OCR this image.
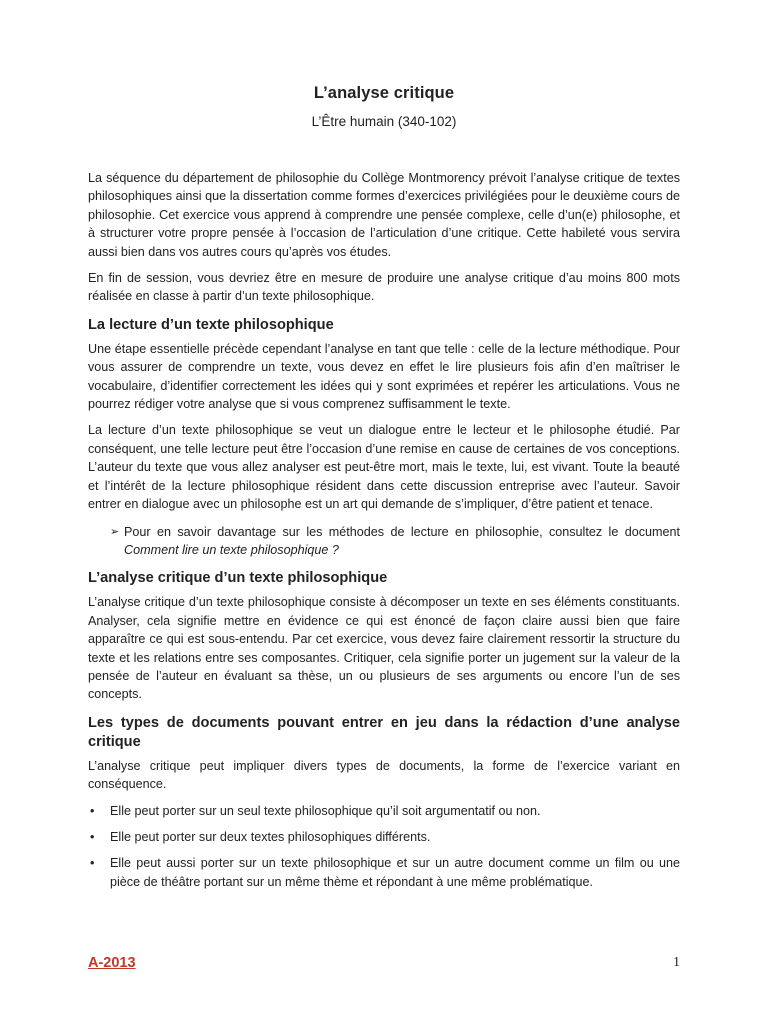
L’analyse critique
L’Être humain (340-102)

La séquence du département de philosophie du Collège Montmorency prévoit l’analyse critique de textes philosophiques ainsi que la dissertation comme formes d’exercices privilégiées pour le deuxième cours de philosophie. Cet exercice vous apprend à comprendre une pensée complexe, celle d’un(e) philosophe, et à structurer votre propre pensée à l’occasion de l’articulation d’une critique. Cette habileté vous servira aussi bien dans vos autres cours qu’après vos études.

En fin de session, vous devriez être en mesure de produire une analyse critique d’au moins 800 mots réalisée en classe à partir d’un texte philosophique.

La lecture d’un texte philosophique

Une étape essentielle précède cependant l’analyse en tant que telle : celle de la lecture méthodique. Pour vous assurer de comprendre un texte, vous devez en effet le lire plusieurs fois afin d’en maîtriser le vocabulaire, d’identifier correctement les idées qui y sont exprimées et repérer les articulations. Vous ne pourrez rédiger votre analyse que si vous comprenez suffisamment le texte.

La lecture d’un texte philosophique se veut un dialogue entre le lecteur et le philosophe étudié. Par conséquent, une telle lecture peut être l’occasion d’une remise en cause de certaines de vos conceptions. L’auteur du texte que vous allez analyser est peut-être mort, mais le texte, lui, est vivant. Toute la beauté et l’intérêt de la lecture philosophique résident dans cette discussion entreprise avec l’auteur. Savoir entrer en dialogue avec un philosophe est un art qui demande de s’impliquer, d’être patient et tenace.

➢ Pour en savoir davantage sur les méthodes de lecture en philosophie, consultez le document Comment lire un texte philosophique ?
L’analyse critique d’un texte philosophique

L’analyse critique d’un texte philosophique consiste à décomposer un texte en ses éléments constituants. Analyser, cela signifie mettre en évidence ce qui est énoncé de façon claire aussi bien que faire apparaître ce qui est sous-entendu. Par cet exercice, vous devez faire clairement ressortir la structure du texte et les relations entre ses composantes. Critiquer, cela signifie porter un jugement sur la valeur de la pensée de l’auteur en évaluant sa thèse, un ou plusieurs de ses arguments ou encore l’un de ses concepts.

Les types de documents pouvant entrer en jeu dans la rédaction d’une analyse critique

L’analyse critique peut impliquer divers types de documents, la forme de l’exercice variant en conséquence.

•	Elle peut porter sur un seul texte philosophique qu’il soit argumentatif ou non.
•	Elle peut porter sur deux textes philosophiques différents.
•	Elle peut aussi porter sur un texte philosophique et sur un autre document comme un film ou une pièce de théâtre portant sur un même thème et répondant à une même problématique.
A-2013	1
